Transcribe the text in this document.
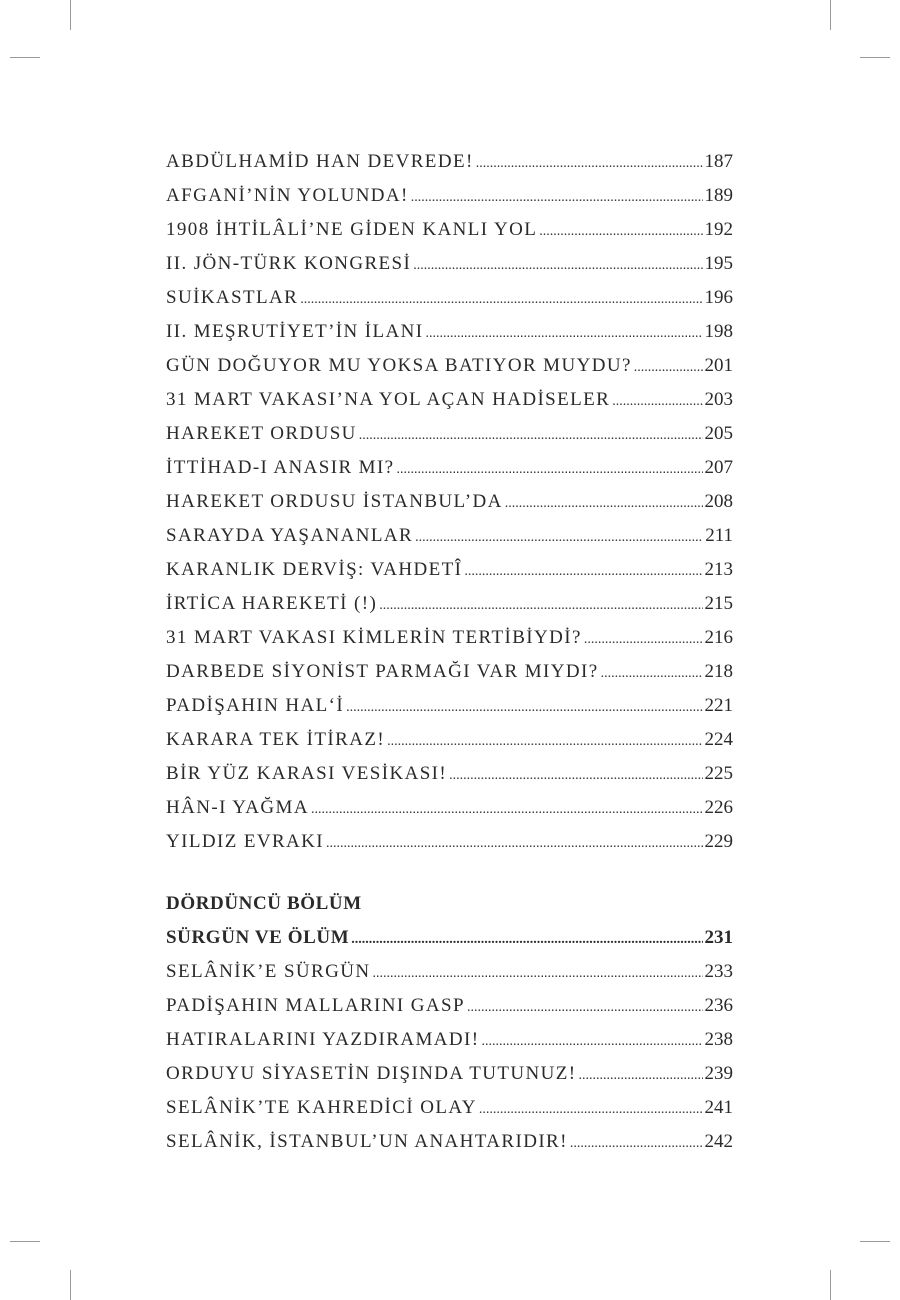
ABDÜLHAMİD HAN DEVREDE! .....	187
AFGANİ’NİN YOLUNDA! .....	189
1908 İHTİLÂLİ’NE GİDEN KANLI YOL .....	192
II. JÖN-TÜRK KONGRESİ .....	195
SUİKASTLAR .....	196
II. MEŞRUTİYET’İN İLANI .....	198
GÜN DOĞUYOR MU YOKSA BATIYOR MUYDU? .....	201
31 MART VAKASI’NA YOL AÇAN HADİSELER .....	203
HAREKET ORDUSU .....	205
İTTİHAD-I ANASIR MI? .....	207
HAREKET ORDUSU İSTANBUL’DA .....	208
SARAYDA YAŞANANLAR .....	211
KARANLIK DERVİŞ: VAHDETÎ .....	213
İRTİCA HAREKETİ (!) .....	215
31 MART VAKASI KİMLERİN TERTİBİYDİ? .....	216
DARBEDE SİYONİST PARMAĞI VAR MIYDI? .....	218
PADİŞAHIN HAL‘İ .....	221
KARARA TEK İTİRAZ! .....	224
BİR YÜZ KARASI VESİKASI! .....	225
HÂN-I YAĞMA .....	226
YILDIZ EVRAKI .....	229
DÖRDÜNCÜ BÖLÜM
SÜRGÜN VE ÖLÜM .....	231
SELÂNİK’E SÜRGÜN .....	233
PADİŞAHIN MALLARINI GASP .....	236
HATIRALARINI YAZDIRAMADI! .....	238
ORDUYU SİYASETİN DIŞINDA TUTUNUZ! .....	239
SELÂNİK’TE KAHREDİCİ OLAY .....	241
SELÂNİK, İSTANBUL’UN ANAHTARIDIR! .....	242
